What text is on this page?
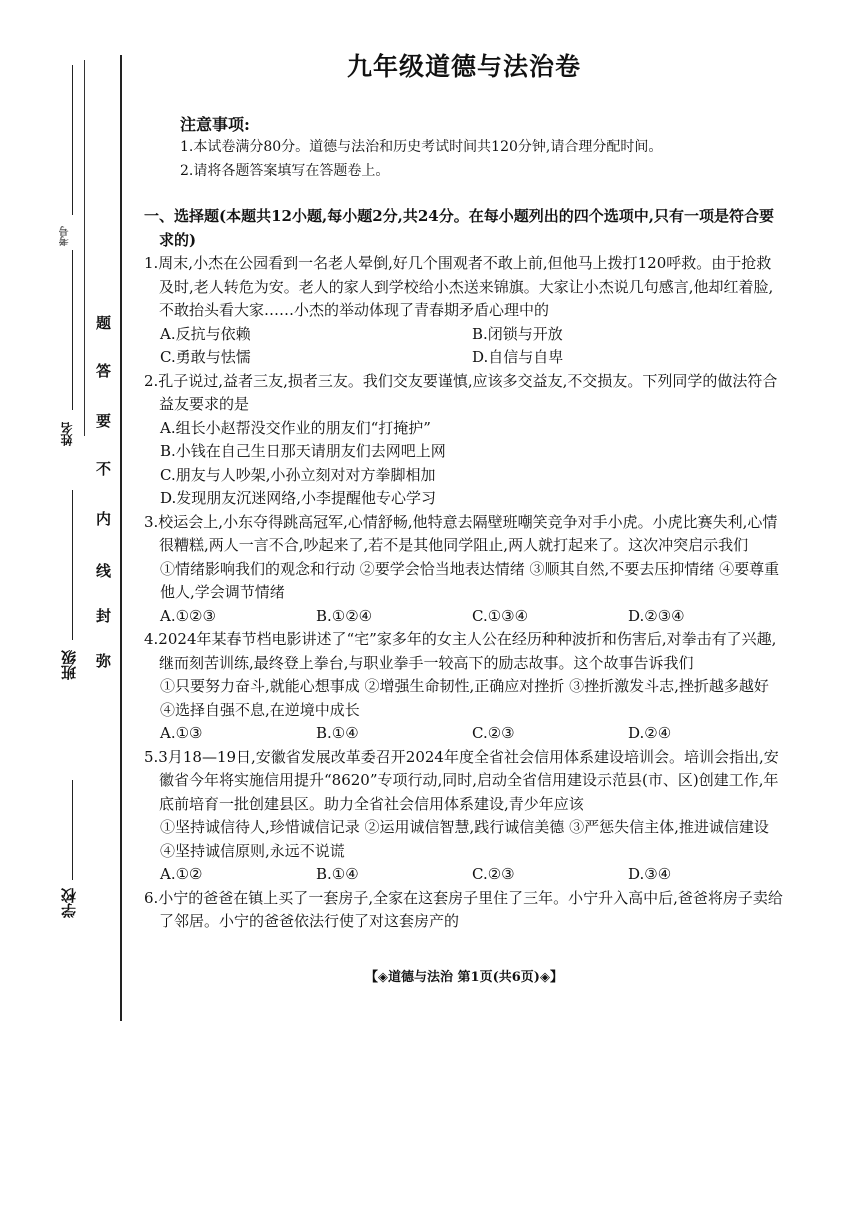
弥
封
线
内
不
要
答
题
学校
班级
姓名
考号
九年级道德与法治卷
注意事项:
1.本试卷满分80分。道德与法治和历史考试时间共120分钟,请合理分配时间。
2.请将各题答案填写在答题卷上。
一、选择题(本题共12小题,每小题2分,共24分。在每小题列出的四个选项中,只有一项是符合要求的)
1.周末,小杰在公园看到一名老人晕倒,好几个围观者不敢上前,但他马上拨打120呼救。由于抢救及时,老人转危为安。老人的家人到学校给小杰送来锦旗。大家让小杰说几句感言,他却红着脸,不敢抬头看大家……小杰的举动体现了青春期矛盾心理中的
A.反抗与依赖	B.闭锁与开放
C.勇敢与怯懦	D.自信与自卑
2.孔子说过,益者三友,损者三友。我们交友要谨慎,应该多交益友,不交损友。下列同学的做法符合益友要求的是
A.组长小赵帮没交作业的朋友们“打掩护”
B.小钱在自己生日那天请朋友们去网吧上网
C.朋友与人吵架,小孙立刻对对方拳脚相加
D.发现朋友沉迷网络,小李提醒他专心学习
3.校运会上,小东夺得跳高冠军,心情舒畅,他特意去隔壁班嘲笑竞争对手小虎。小虎比赛失利,心情很糟糕,两人一言不合,吵起来了,若不是其他同学阻止,两人就打起来了。这次冲突启示我们
①情绪影响我们的观念和行动 ②要学会恰当地表达情绪 ③顺其自然,不要去压抑情绪 ④要尊重他人,学会调节情绪
A.①②③	B.①②④	C.①③④	D.②③④
4.2024年某春节档电影讲述了“宅”家多年的女主人公在经历种种波折和伤害后,对拳击有了兴趣,继而刻苦训练,最终登上拳台,与职业拳手一较高下的励志故事。这个故事告诉我们
①只要努力奋斗,就能心想事成 ②增强生命韧性,正确应对挫折 ③挫折激发斗志,挫折越多越好 ④选择自强不息,在逆境中成长
A.①③	B.①④	C.②③	D.②④
5.3月18—19日,安徽省发展改革委召开2024年度全省社会信用体系建设培训会。培训会指出,安徽省今年将实施信用提升“8620”专项行动,同时,启动全省信用建设示范县(市、区)创建工作,年底前培育一批创建县区。助力全省社会信用体系建设,青少年应该
①坚持诚信待人,珍惜诚信记录 ②运用诚信智慧,践行诚信美德 ③严惩失信主体,推进诚信建设 ④坚持诚信原则,永远不说谎
A.①②	B.①④	C.②③	D.③④
6.小宁的爸爸在镇上买了一套房子,全家在这套房子里住了三年。小宁升入高中后,爸爸将房子卖给了邻居。小宁的爸爸依法行使了对这套房产的
【◈道德与法治 第1页(共6页)◈】
